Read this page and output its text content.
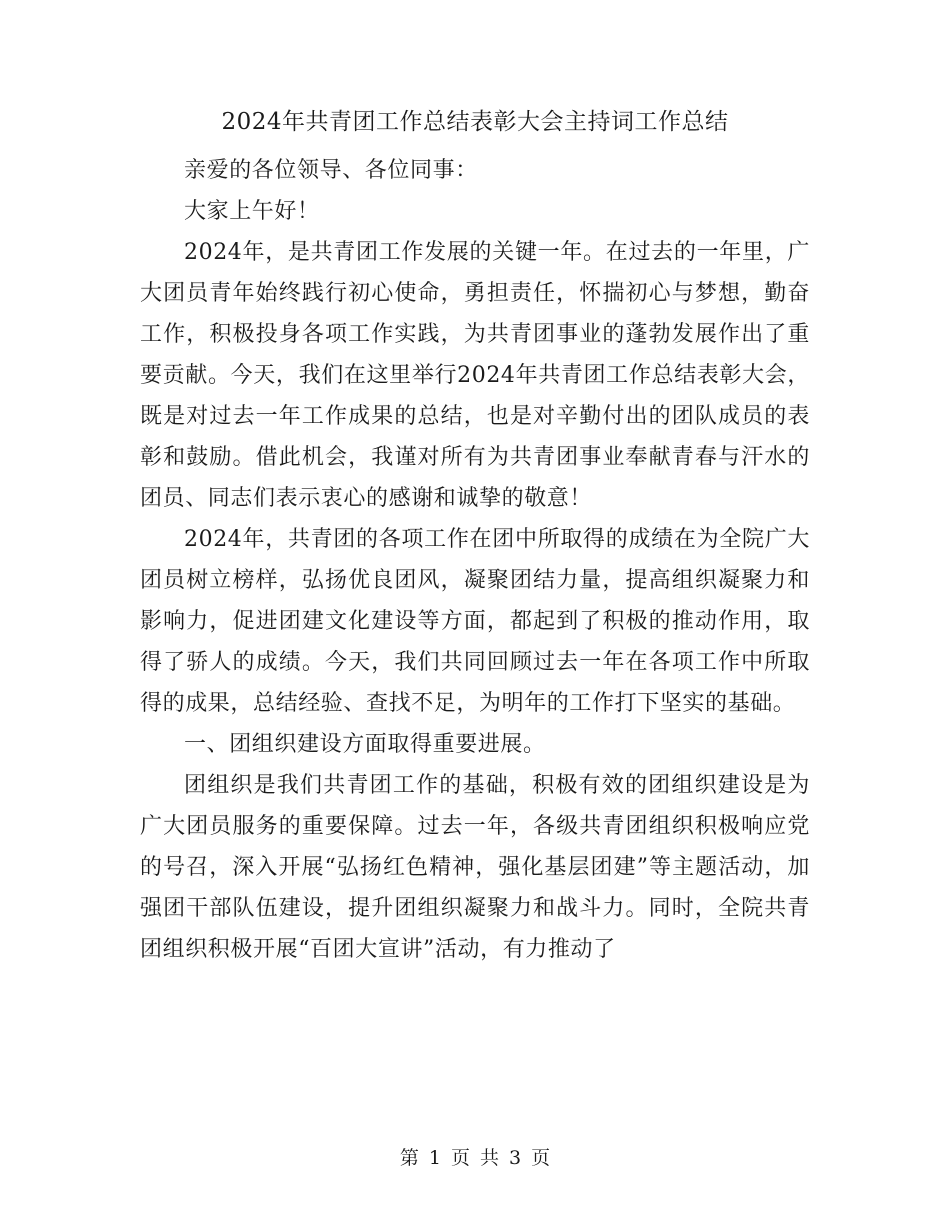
2024年共青团工作总结表彰大会主持词工作总结

亲爱的各位领导、各位同事：

大家上午好！

2024年，是共青团工作发展的关键一年。在过去的一年里，广大团员青年始终践行初心使命，勇担责任，怀揣初心与梦想，勤奋工作，积极投身各项工作实践，为共青团事业的蓬勃发展作出了重要贡献。今天，我们在这里举行2024年共青团工作总结表彰大会，既是对过去一年工作成果的总结，也是对辛勤付出的团队成员的表彰和鼓励。借此机会，我谨对所有为共青团事业奉献青春与汗水的团员、同志们表示衷心的感谢和诚挚的敬意！

2024年，共青团的各项工作在团中所取得的成绩在为全院广大团员树立榜样，弘扬优良团风，凝聚团结力量，提高组织凝聚力和影响力，促进团建文化建设等方面，都起到了积极的推动作用，取得了骄人的成绩。今天，我们共同回顾过去一年在各项工作中所取得的成果，总结经验、查找不足，为明年的工作打下坚实的基础。

一、团组织建设方面取得重要进展。

团组织是我们共青团工作的基础，积极有效的团组织建设是为广大团员服务的重要保障。过去一年，各级共青团组织积极响应党的号召，深入开展“弘扬红色精神，强化基层团建”等主题活动，加强团干部队伍建设，提升团组织凝聚力和战斗力。同时，全院共青团组织积极开展“百团大宣讲”活动，有力推动了

第 1 页 共 3 页
